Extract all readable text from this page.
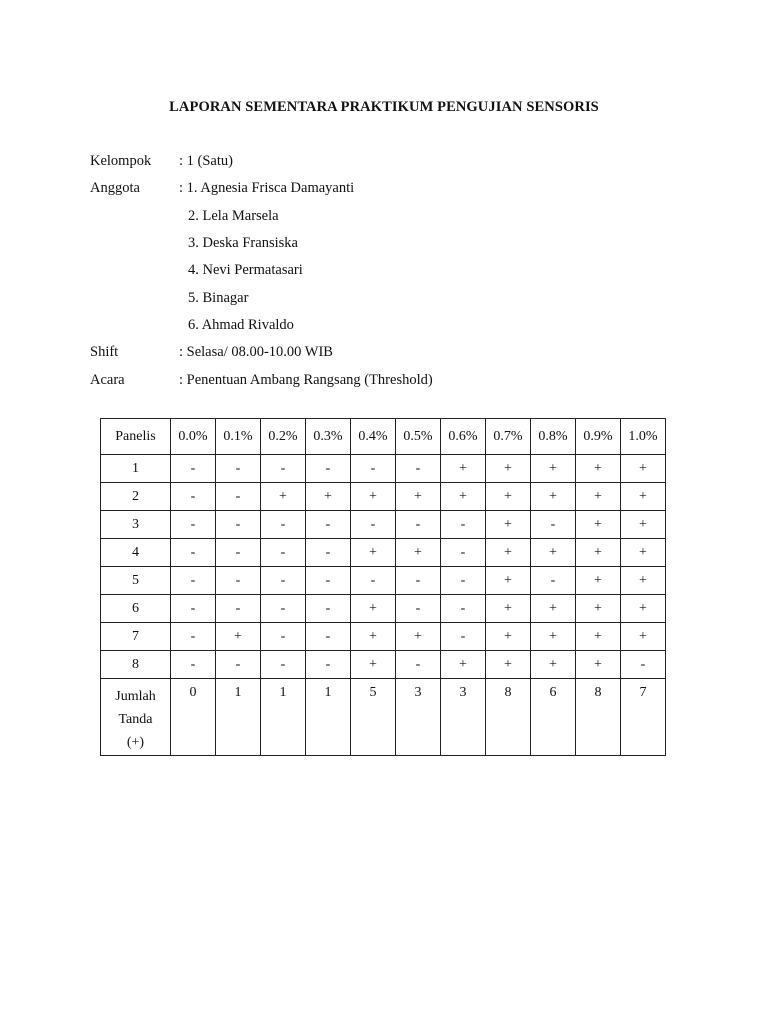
LAPORAN SEMENTARA PRAKTIKUM PENGUJIAN SENSORIS
Kelompok	: 1 (Satu)
Anggota	: 1. Agnesia Frisca Damayanti
2. Lela Marsela
3. Deska Fransiska
4. Nevi Permatasari
5. Binagar
6. Ahmad Rivaldo
Shift	: Selasa/ 08.00-10.00 WIB
Acara	: Penentuan Ambang Rangsang (Threshold)
Panelis	0.0%	0.1%	0.2%	0.3%	0.4%	0.5%	0.6%	0.7%	0.8%	0.9%	1.0%
1	-	-	-	-	-	-	+	+	+	+	+
2	-	-	+	+	+	+	+	+	+	+	+
3	-	-	-	-	-	-	-	+	-	+	+
4	-	-	-	-	+	+	-	+	+	+	+
5	-	-	-	-	-	-	-	+	-	+	+
6	-	-	-	-	+	-	-	+	+	+	+
7	-	+	-	-	+	+	-	+	+	+	+
8	-	-	-	-	+	-	+	+	+	+	-

Jumlah
Tanda
(+)	0	1	1	1	5	3	3	8	6	8	7
